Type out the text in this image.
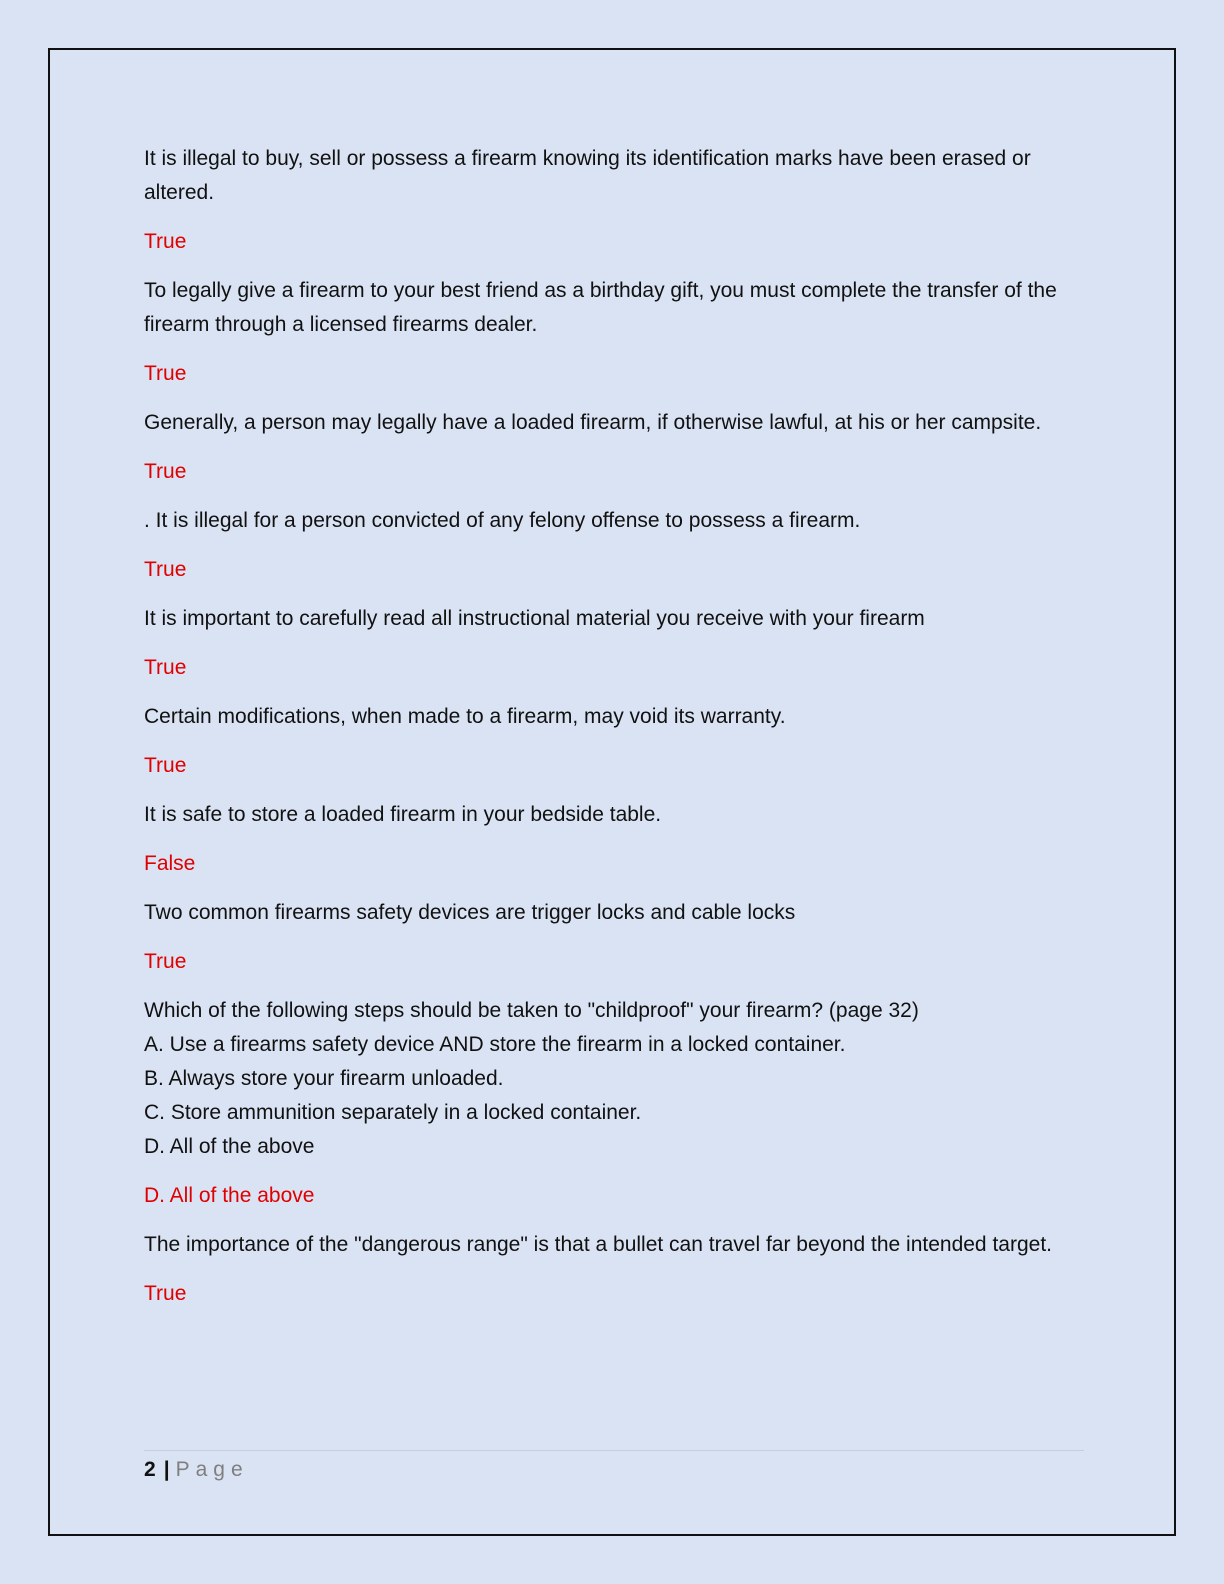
It is illegal to buy, sell or possess a firearm knowing its identification marks have been erased or altered.

True

To legally give a firearm to your best friend as a birthday gift, you must complete the transfer of the firearm through a licensed firearms dealer.

True

Generally, a person may legally have a loaded firearm, if otherwise lawful, at his or her campsite.

True

. It is illegal for a person convicted of any felony offense to possess a firearm.

True

It is important to carefully read all instructional material you receive with your firearm

True

Certain modifications, when made to a firearm, may void its warranty.

True

It is safe to store a loaded firearm in your bedside table.

False

Two common firearms safety devices are trigger locks and cable locks

True

Which of the following steps should be taken to "childproof" your firearm? (page 32)
A. Use a firearms safety device AND store the firearm in a locked container.
B. Always store your firearm unloaded.
C. Store ammunition separately in a locked container.
D. All of the above

D. All of the above

The importance of the "dangerous range" is that a bullet can travel far beyond the intended target.

True

2 | Page
